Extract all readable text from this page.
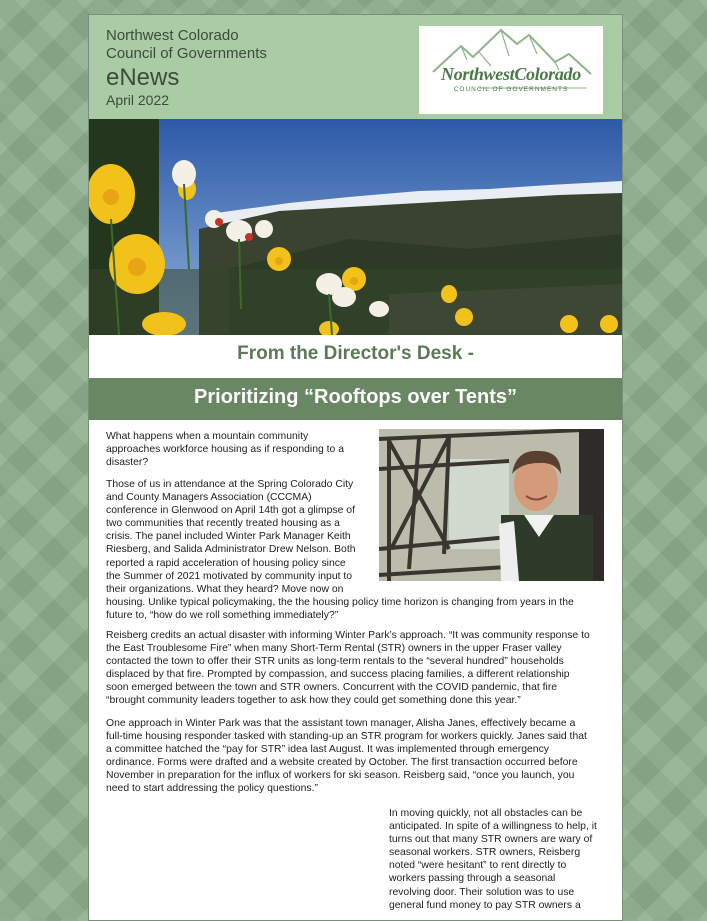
Northwest Colorado
Council of Governments
eNews
April 2022
NorthwestColorado
COUNCIL OF GOVERNMENTS
From the Director's Desk -
Prioritizing “Rooftops over Tents”
What happens when a mountain community
approaches workforce housing as if responding to a
disaster?
Those of us in attendance at the Spring Colorado City
and County Managers Association (CCCMA)
conference in Glenwood on April 14th got a glimpse of
two communities that recently treated housing as a
crisis. The panel included Winter Park Manager Keith
Riesberg, and Salida Administrator Drew Nelson. Both
reported a rapid acceleration of housing policy since
the Summer of 2021 motivated by community input to
their organizations. What they heard? Move now on
housing. Unlike typical policymaking, the the housing policy time horizon is changing from years in the
future to, “how do we roll something immediately?”
Reisberg credits an actual disaster with informing Winter Park’s approach. “It was community response to
the East Troublesome Fire” when many Short-Term Rental (STR) owners in the upper Fraser valley
contacted the town to offer their STR units as long-term rentals to the “several hundred” households
displaced by that fire. Prompted by compassion, and success placing families, a different relationship
soon emerged between the town and STR owners. Concurrent with the COVID pandemic, that fire
“brought community leaders together to ask how they could get something done this year.”
One approach in Winter Park was that the assistant town manager, Alisha Janes, effectively became a
full-time housing responder tasked with standing-up an STR program for workers quickly. Janes said that
a committee hatched the “pay for STR” idea last August. It was implemented through emergency
ordinance. Forms were drafted and a website created by October. The first transaction occurred before
November in preparation for the influx of workers for ski season. Reisberg said, “once you launch, you
need to start addressing the policy questions.”
In moving quickly, not all obstacles can be
anticipated. In spite of a willingness to help, it
turns out that many STR owners are wary of
seasonal workers. STR owners, Reisberg
noted “were hesitant” to rent directly to
workers passing through a seasonal
revolving door. Their solution was to use
general fund money to pay STR owners a
